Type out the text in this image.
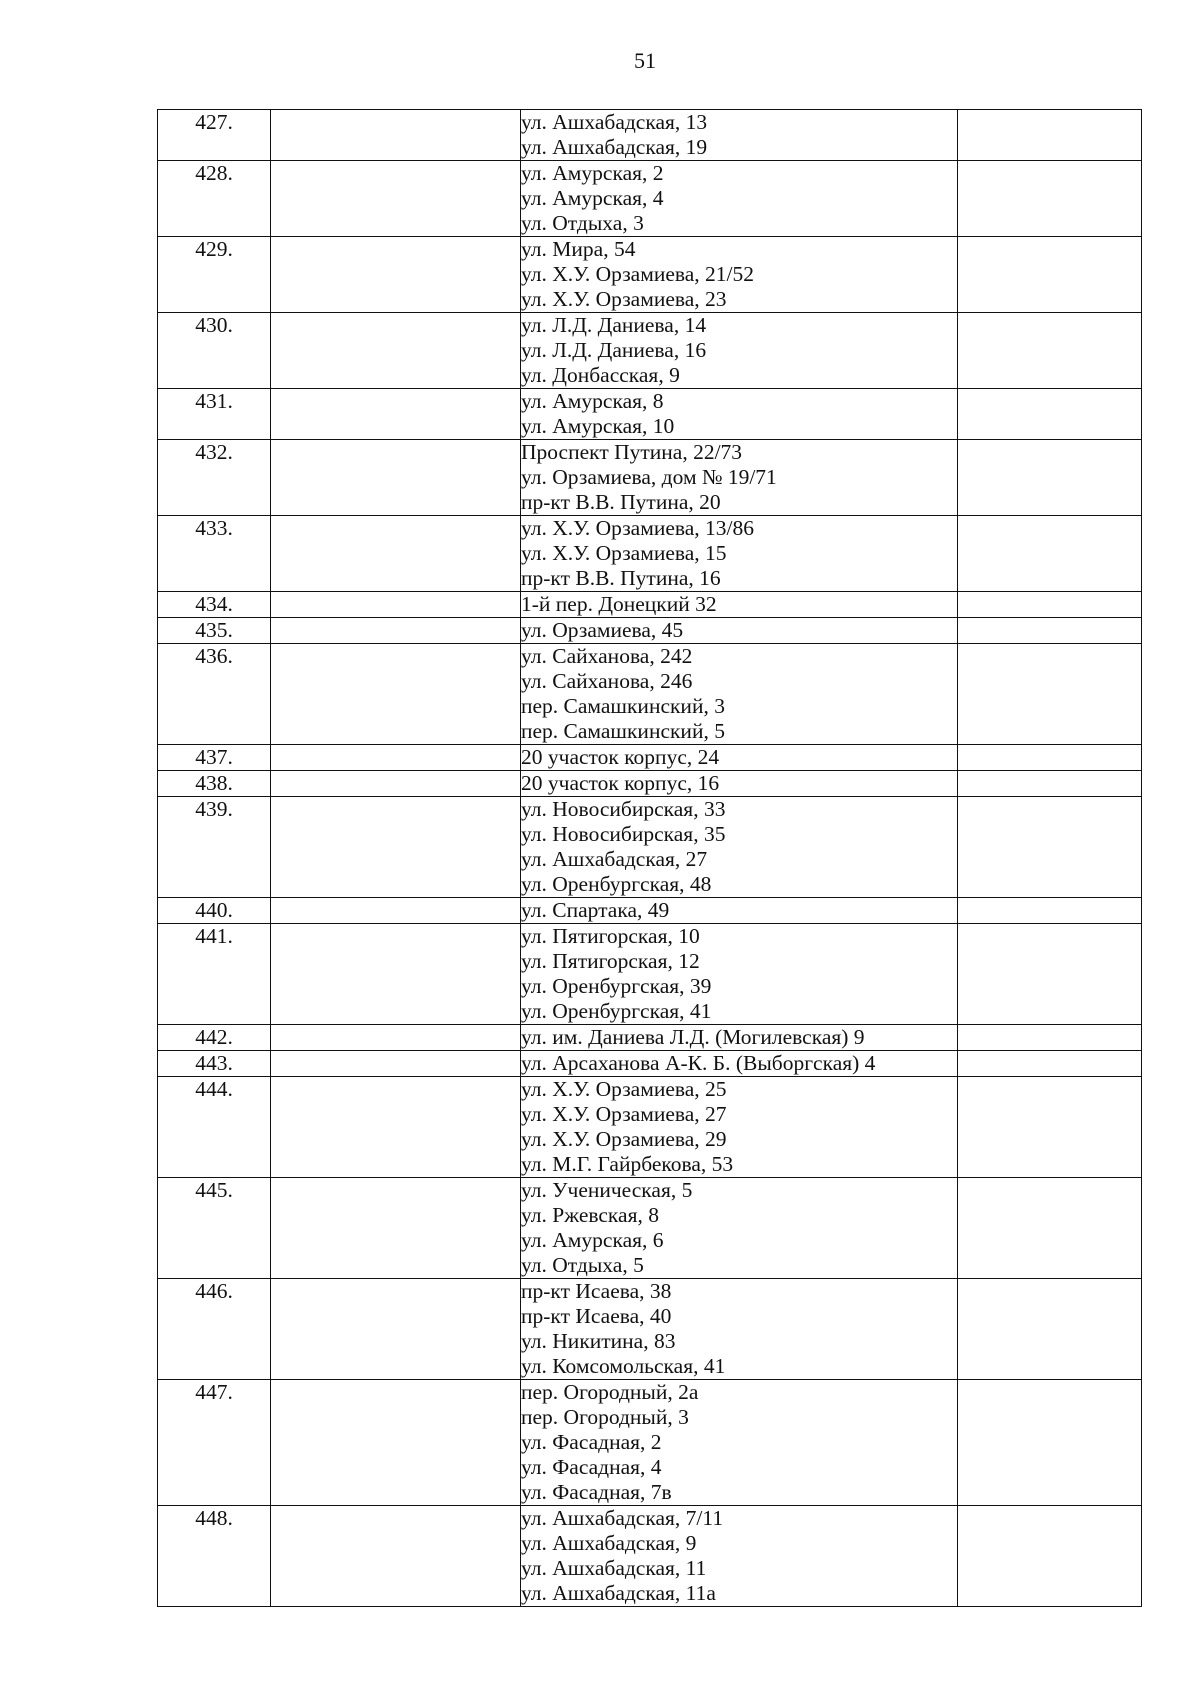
51
427.		ул. Ашхабадская, 13
ул. Ашхабадская, 19	

428.		ул. Амурская, 2
ул. Амурская, 4
ул. Отдыха, 3	

429.		ул. Мира, 54
ул. Х.У. Орзамиева, 21/52
ул. Х.У. Орзамиева, 23	

430.		ул. Л.Д. Даниева, 14
ул. Л.Д. Даниева, 16
ул. Донбасская, 9	

431.		ул. Амурская, 8
ул. Амурская, 10	

432.		Проспект Путина, 22/73
ул. Орзамиева, дом № 19/71
пр-кт В.В. Путина, 20	

433.		ул. Х.У. Орзамиева, 13/86
ул. Х.У. Орзамиева, 15
пр-кт В.В. Путина, 16	

434.		1-й пер. Донецкий 32	

435.		ул. Орзамиева, 45	

436.		ул. Сайханова, 242
ул. Сайханова, 246
пер. Самашкинский, 3
пер. Самашкинский, 5	

437.		20 участок корпус, 24	

438.		20 участок корпус, 16	

439.		ул. Новосибирская, 33
ул. Новосибирская, 35
ул. Ашхабадская, 27
ул. Оренбургская, 48	

440.		ул. Спартака, 49	

441.		ул. Пятигорская, 10
ул. Пятигорская, 12
ул. Оренбургская, 39
ул. Оренбургская, 41	

442.		ул. им. Даниева Л.Д. (Могилевская) 9	

443.		ул. Арсаханова А-К. Б. (Выборгская) 4	

444.		ул. Х.У. Орзамиева, 25
ул. Х.У. Орзамиева, 27
ул. Х.У. Орзамиева, 29
ул. М.Г. Гайрбекова, 53	

445.		ул. Ученическая, 5
ул. Ржевская, 8
ул. Амурская, 6
ул. Отдыха, 5	

446.		пр-кт Исаева, 38
пр-кт Исаева, 40
ул. Никитина, 83
ул. Комсомольская, 41	

447.		пер. Огородный, 2а
пер. Огородный, 3
ул. Фасадная, 2
ул. Фасадная, 4
ул. Фасадная, 7в	

448.		ул. Ашхабадская, 7/11
ул. Ашхабадская, 9
ул. Ашхабадская, 11
ул. Ашхабадская, 11а	
